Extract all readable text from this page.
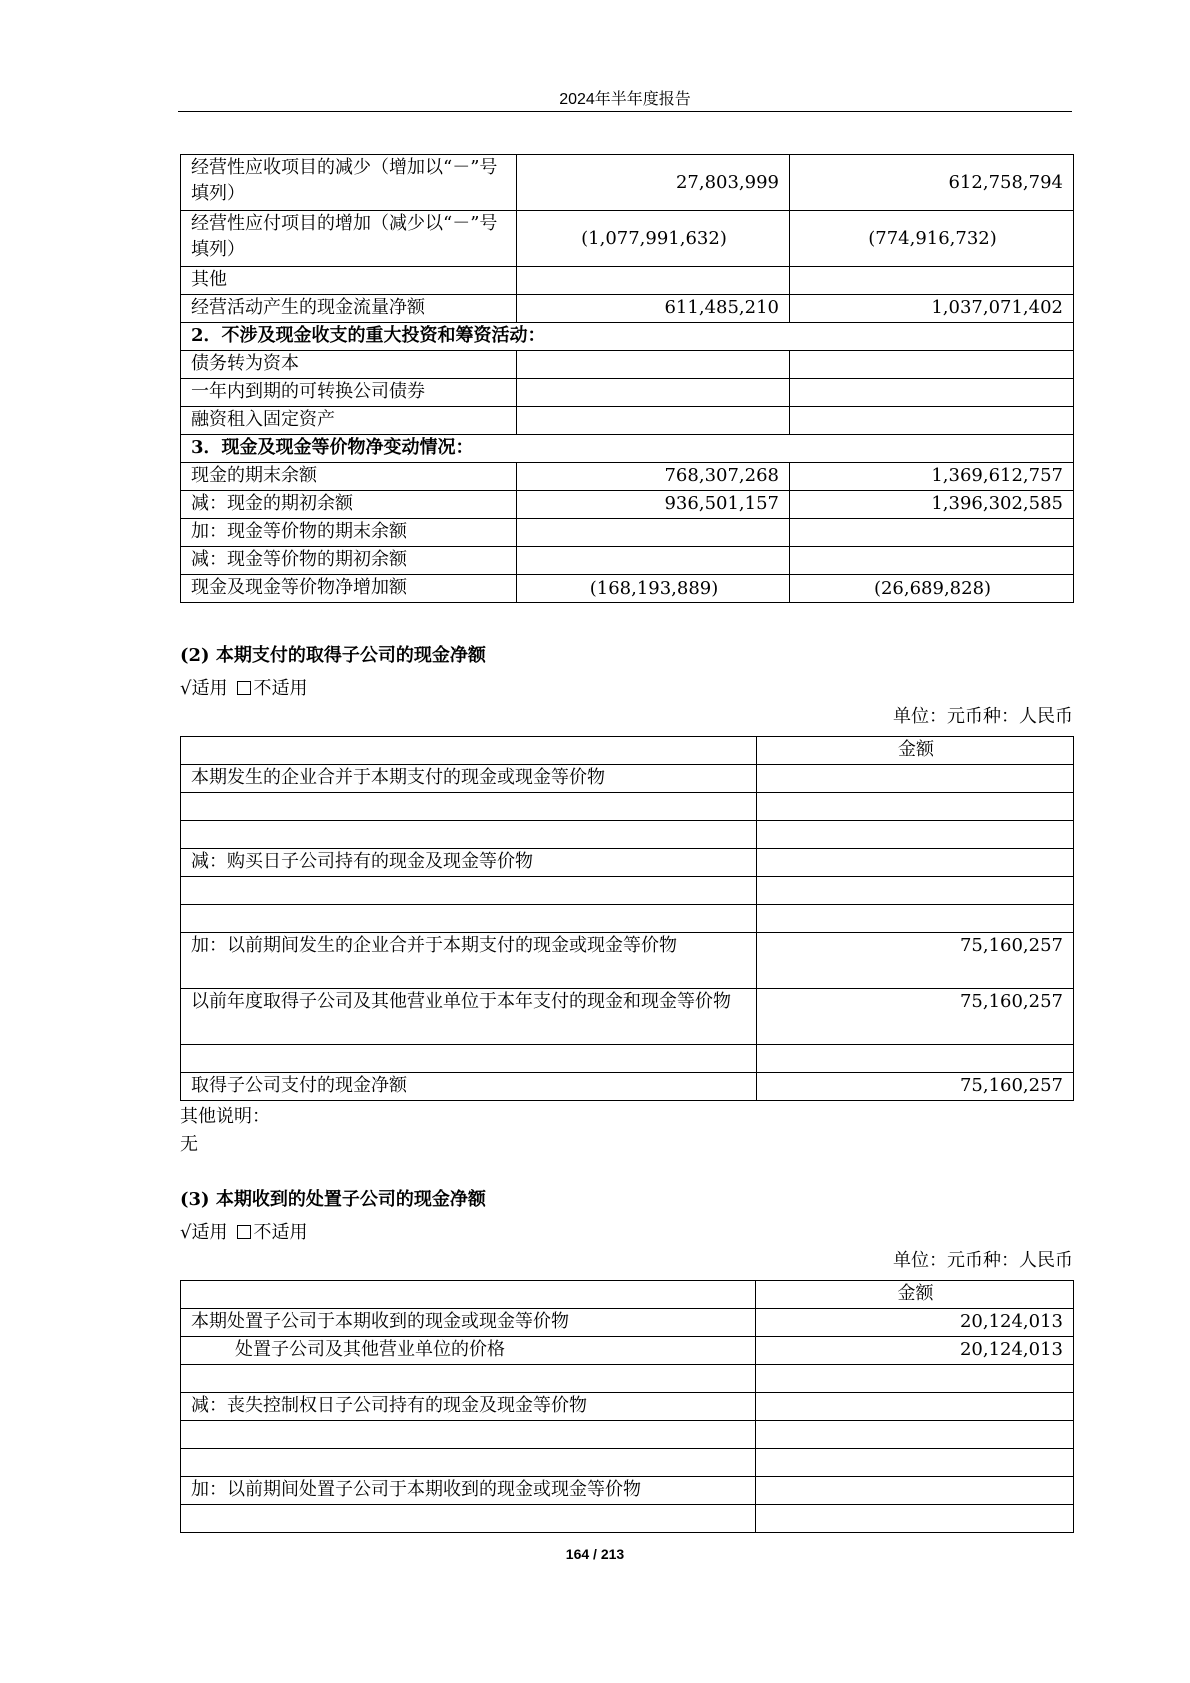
2024年半年度报告
经营性应收项目的减少（增加以“－”号填列）	27,803,999	612,758,794
经营性应付项目的增加（减少以“－”号填列）	(1,077,991,632)	(774,916,732)
其他		
经营活动产生的现金流量净额	611,485,210	1,037,071,402
2．不涉及现金收支的重大投资和筹资活动：		
债务转为资本		
一年内到期的可转换公司债券		
融资租入固定资产		
3．现金及现金等价物净变动情况：		
现金的期末余额	768,307,268	1,369,612,757
减：现金的期初余额	936,501,157	1,396,302,585
加：现金等价物的期末余额		
减：现金等价物的期初余额		
现金及现金等价物净增加额	(168,193,889)	(26,689,828)
(2) 本期支付的取得子公司的现金净额
√适用 不适用
单位：元币种：人民币
	金额
本期发生的企业合并于本期支付的现金或现金等价物	

减：购买日子公司持有的现金及现金等价物	

加：以前期间发生的企业合并于本期支付的现金或现金等价物	75,160,257
以前年度取得子公司及其他营业单位于本年支付的现金和现金等价物	75,160,257

取得子公司支付的现金净额	75,160,257
其他说明：
无
(3) 本期收到的处置子公司的现金净额
√适用 不适用
单位：元币种：人民币
	金额
本期处置子公司于本期收到的现金或现金等价物	20,124,013
处置子公司及其他营业单位的价格	20,124,013

减：丧失控制权日子公司持有的现金及现金等价物	

加：以前期间处置子公司于本期收到的现金或现金等价物	

164 / 213
